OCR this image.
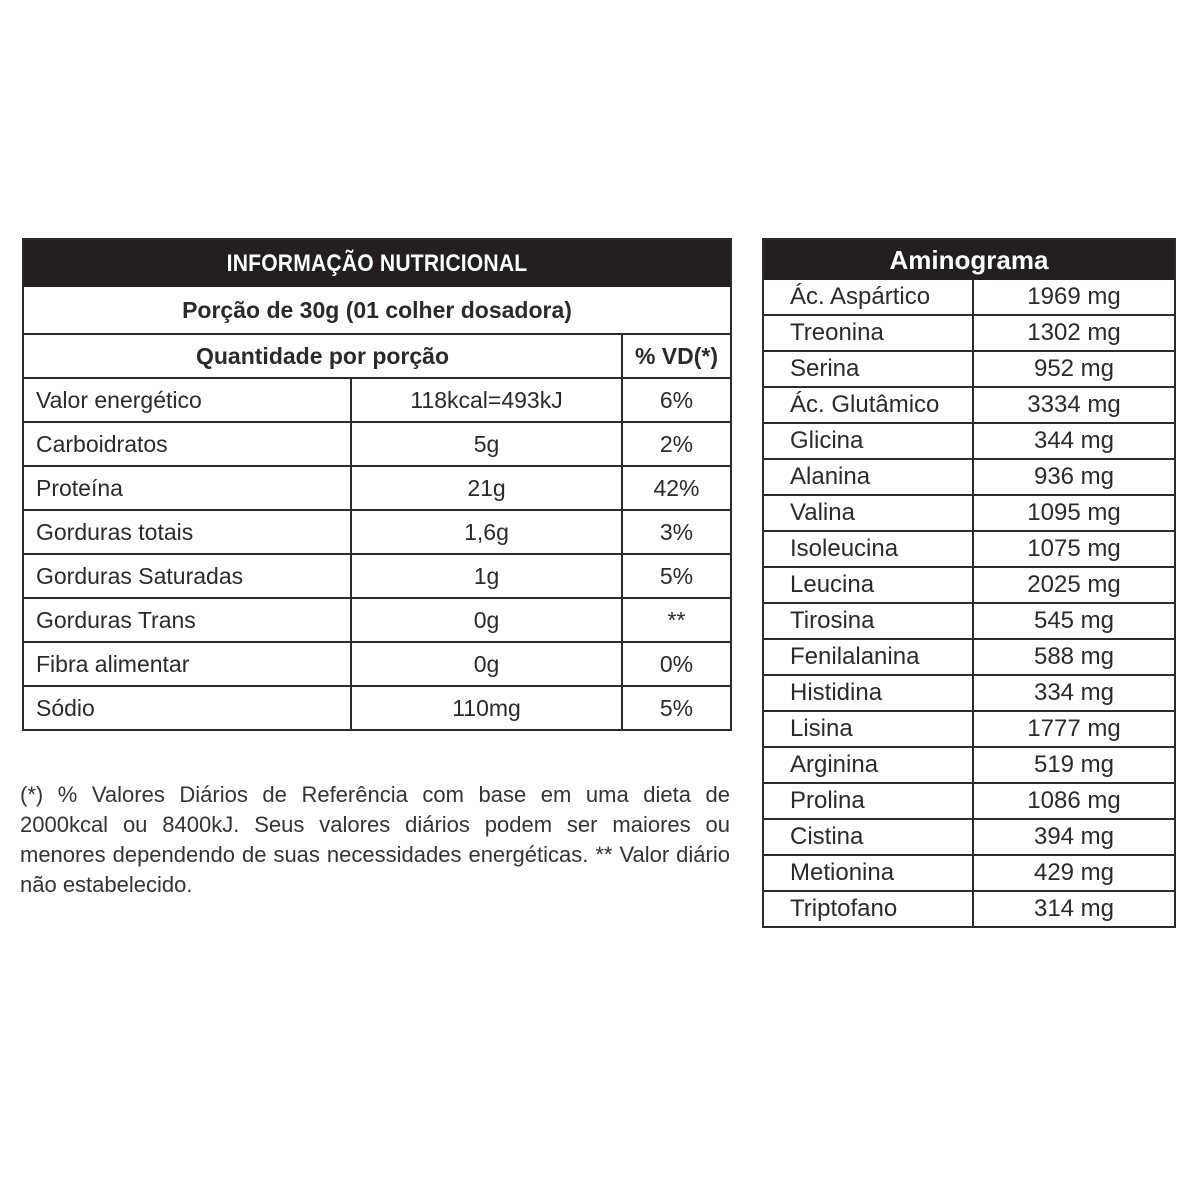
INFORMAÇÃO NUTRICIONAL
Porção de 30g (01 colher dosadora)
Quantidade por porção		% VD(*)
Valor energético	118kcal=493kJ	6%
Carboidratos	5g	2%
Proteína	21g	42%
Gorduras totais	1,6g	3%
Gorduras Saturadas	1g	5%
Gorduras Trans	0g	**
Fibra alimentar	0g	0%
Sódio	110mg	5%
(*) % Valores Diários de Referência com base em uma dieta de 2000kcal ou 8400kJ. Seus valores diários podem ser maiores ou menores dependendo de suas necessidades energéticas. ** Valor diário não estabelecido.
Aminograma
Ác. Aspártico	1969 mg
Treonina	1302 mg
Serina	952 mg
Ác. Glutâmico	3334 mg
Glicina	344 mg
Alanina	936 mg
Valina	1095 mg
Isoleucina	1075 mg
Leucina	2025 mg
Tirosina	545 mg
Fenilalanina	588 mg
Histidina	334 mg
Lisina	1777 mg
Arginina	519 mg
Prolina	1086 mg
Cistina	394 mg
Metionina	429 mg
Triptofano	314 mg
